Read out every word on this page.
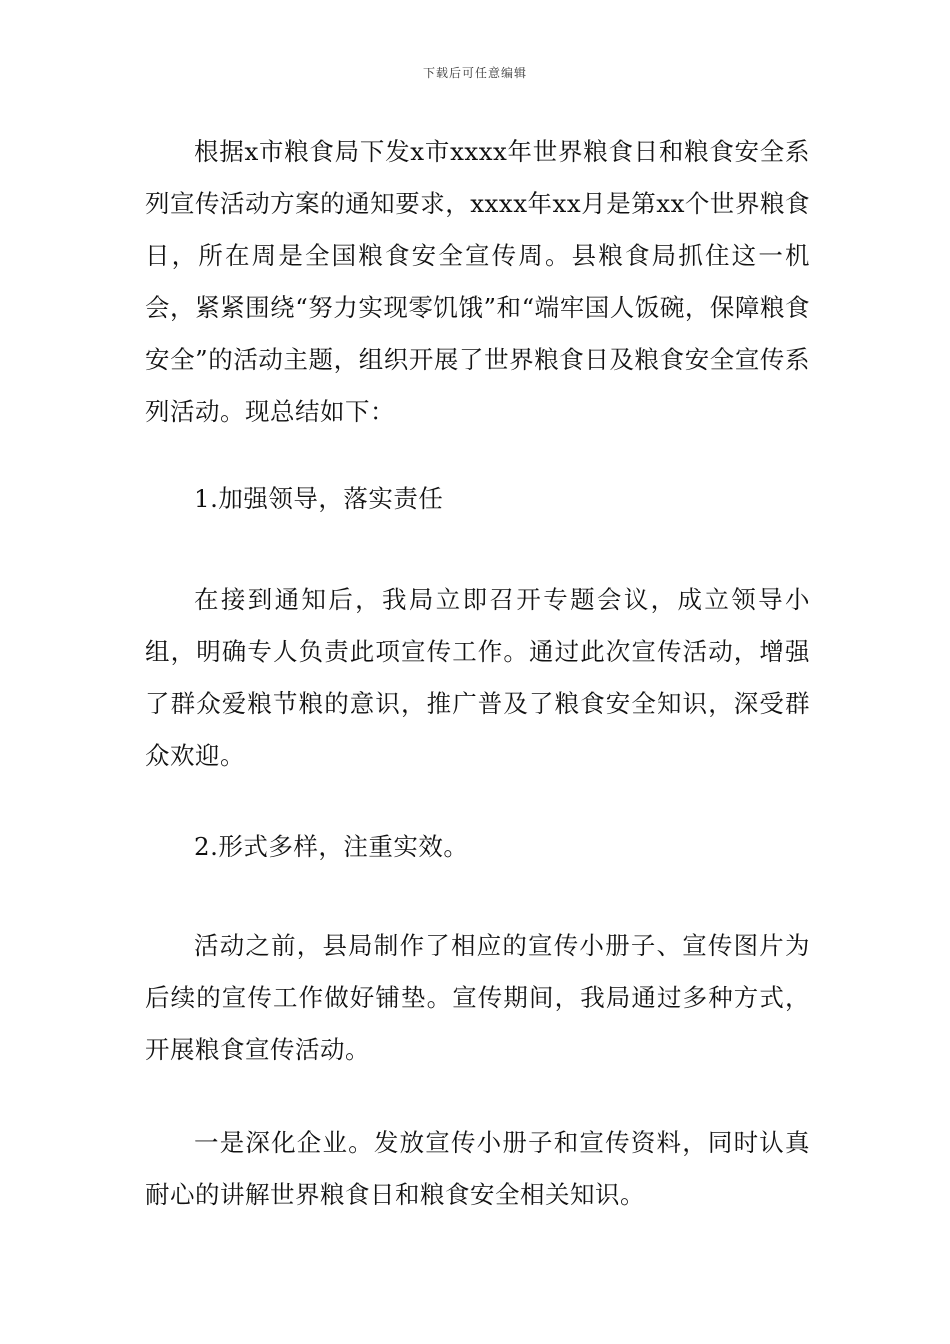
下载后可任意编辑

根据x市粮食局下发x市xxxx年世界粮食日和粮食安全系列宣传活动方案的通知要求，xxxx年xx月是第xx个世界粮食日，所在周是全国粮食安全宣传周。县粮食局抓住这一机会，紧紧围绕“努力实现零饥饿”和“端牢国人饭碗，保障粮食安全”的活动主题，组织开展了世界粮食日及粮食安全宣传系列活动。现总结如下：

1.加强领导，落实责任

在接到通知后，我局立即召开专题会议，成立领导小组，明确专人负责此项宣传工作。通过此次宣传活动，增强了群众爱粮节粮的意识，推广普及了粮食安全知识，深受群众欢迎。

2.形式多样，注重实效。

活动之前，县局制作了相应的宣传小册子、宣传图片为后续的宣传工作做好铺垫。宣传期间，我局通过多种方式，开展粮食宣传活动。

一是深化企业。发放宣传小册子和宣传资料，同时认真耐心的讲解世界粮食日和粮食安全相关知识。
